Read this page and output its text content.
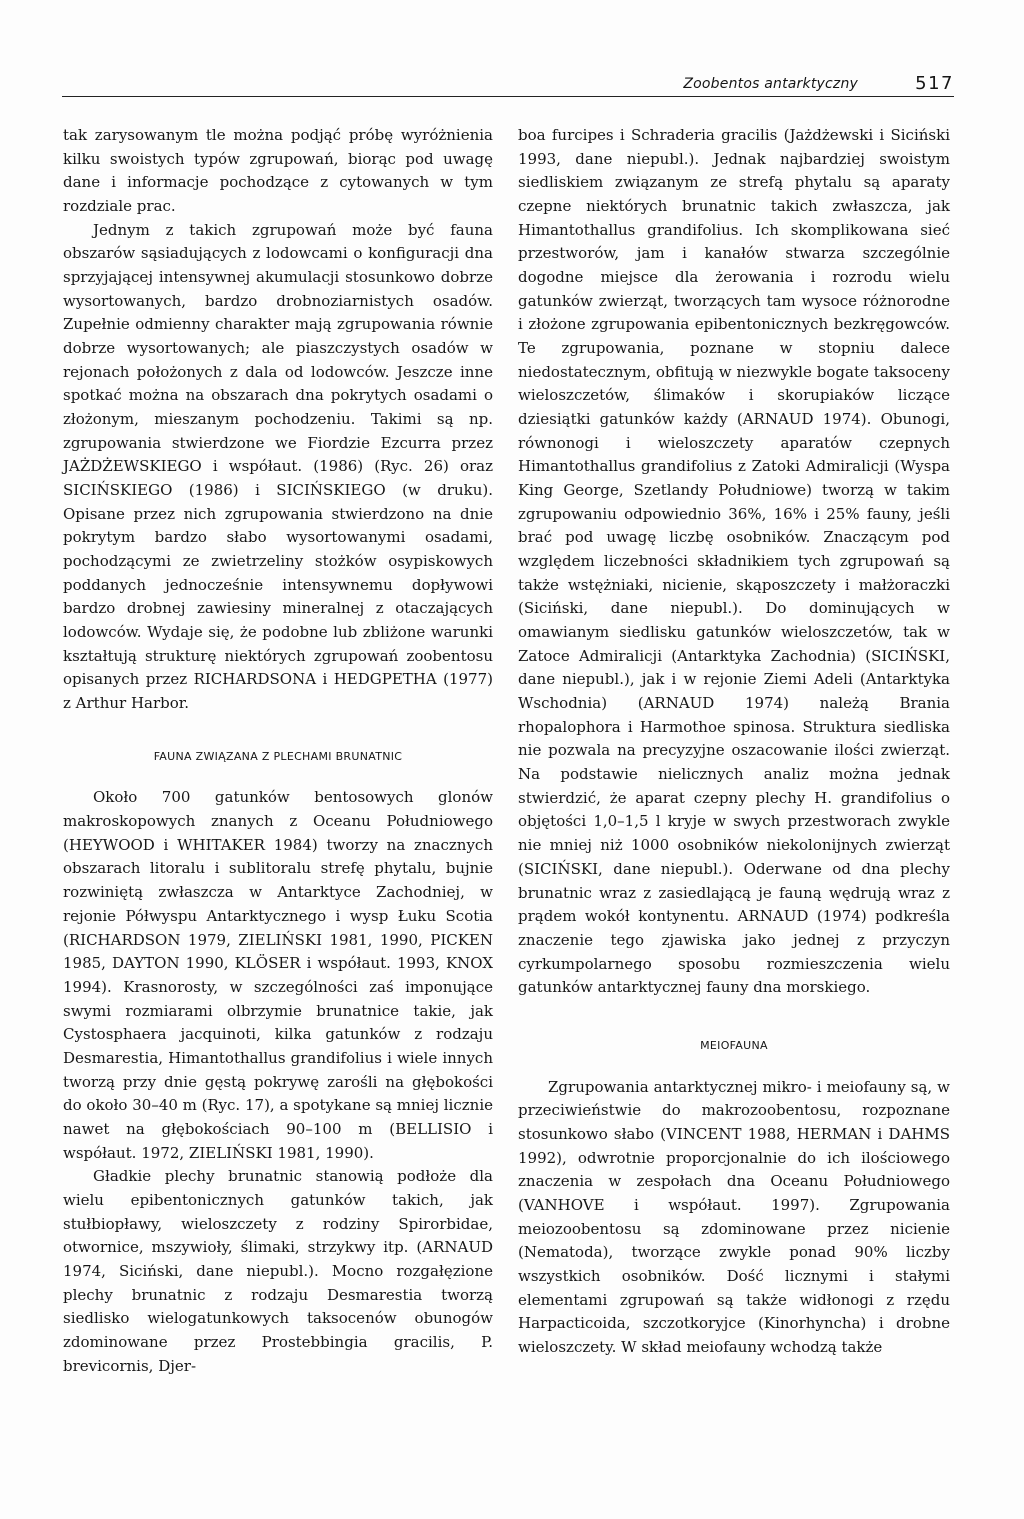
Zoobentos antarktyczny	517

tak zarysowanym tle można podjąć próbę wyróżnienia kilku swoistych typów zgrupowań, biorąc pod uwagę dane i informacje pochodzące z cytowanych w tym rozdziale prac.

Jednym z takich zgrupowań może być fauna obszarów sąsiadujących z lodowcami o konfiguracji dna sprzyjającej intensywnej akumulacji stosunkowo dobrze wysortowanych, bardzo drobnoziarnistych osadów. Zupełnie odmienny charakter mają zgrupowania równie dobrze wysortowanych; ale piaszczystych osadów w rejonach położonych z dala od lodowców. Jeszcze inne spotkać można na obszarach dna pokrytych osadami o złożonym, mieszanym pochodzeniu. Takimi są np. zgrupowania stwierdzone we Fiordzie Ezcurra przez JAŻDŻEWSKIEGO i współaut. (1986) (Ryc. 26) oraz SICIŃSKIEGO (1986) i SICIŃSKIEGO (w druku). Opisane przez nich zgrupowania stwierdzono na dnie pokrytym bardzo słabo wysortowanymi osadami, pochodzącymi ze zwietrzeliny stożków osypiskowych poddanych jednocześnie intensywnemu dopływowi bardzo drobnej zawiesiny mineralnej z otaczających lodowców. Wydaje się, że podobne lub zbliżone warunki kształtują strukturę niektórych zgrupowań zoobentosu opisanych przez RICHARDSONA i HEDGPETHA (1977) z Arthur Harbor.

FAUNA ZWIĄZANA Z PLECHAMI BRUNATNIC

Około 700 gatunków bentosowych glonów makroskopowych znanych z Oceanu Południowego (HEYWOOD i WHITAKER 1984) tworzy na znacznych obszarach litoralu i sublitoralu strefę phytalu, bujnie rozwiniętą zwłaszcza w Antarktyce Zachodniej, w rejonie Półwyspu Antarktycznego i wysp Łuku Scotia (RICHARDSON 1979, ZIELIŃSKI 1981, 1990, PICKEN 1985, DAYTON 1990, KLÖSER i współaut. 1993, KNOX 1994). Krasnorosty, w szczególności zaś imponujące swymi rozmiarami olbrzymie brunatnice takie, jak Cystosphaera jacquinoti, kilka gatunków z rodzaju Desmarestia, Himantothallus grandifolius i wiele innych tworzą przy dnie gęstą pokrywę zarośli na głębokości do około 30–40 m (Ryc. 17), a spotykane są mniej licznie nawet na głębokościach 90–100 m (BELLISIO i współaut. 1972, ZIELIŃSKI 1981, 1990).

Gładkie plechy brunatnic stanowią podłoże dla wielu epibentonicznych gatunków takich, jak stułbiopławy, wieloszczety z rodziny Spirorbidae, otwornice, mszywioły, ślimaki, strzykwy itp. (ARNAUD 1974, Siciński, dane niepubl.). Mocno rozgałęzione plechy brunatnic z rodzaju Desmarestia tworzą siedlisko wielogatunkowych taksocenów obunogów zdominowane przez Prostebbingia gracilis, P. brevicornis, Djer-

boa furcipes i Schraderia gracilis (Jażdżewski i Siciński 1993, dane niepubl.). Jednak najbardziej swoistym siedliskiem związanym ze strefą phytalu są aparaty czepne niektórych brunatnic takich zwłaszcza, jak Himantothallus grandifolius. Ich skomplikowana sieć przestworów, jam i kanałów stwarza szczególnie dogodne miejsce dla żerowania i rozrodu wielu gatunków zwierząt, tworzących tam wysoce różnorodne i złożone zgrupowania epibentonicznych bezkręgowców. Te zgrupowania, poznane w stopniu dalece niedostatecznym, obfitują w niezwykle bogate taksoceny wieloszczetów, ślimaków i skorupiaków liczące dziesiątki gatunków każdy (ARNAUD 1974). Obunogi, równonogi i wieloszczety aparatów czepnych Himantothallus grandifolius z Zatoki Admiralicji (Wyspa King George, Szetlandy Południowe) tworzą w takim zgrupowaniu odpowiednio 36%, 16% i 25% fauny, jeśli brać pod uwagę liczbę osobników. Znaczącym pod względem liczebności składnikiem tych zgrupowań są także wstężniaki, nicienie, skąposzczety i małżoraczki (Siciński, dane niepubl.). Do dominujących w omawianym siedlisku gatunków wieloszczetów, tak w Zatoce Admiralicji (Antarktyka Zachodnia) (SICIŃSKI, dane niepubl.), jak i w rejonie Ziemi Adeli (Antarktyka Wschodnia) (ARNAUD 1974) należą Brania rhopalophora i Harmothoe spinosa. Struktura siedliska nie pozwala na precyzyjne oszacowanie ilości zwierząt. Na podstawie nielicznych analiz można jednak stwierdzić, że aparat czepny plechy H. grandifolius o objętości 1,0–1,5 l kryje w swych przestworach zwykle nie mniej niż 1000 osobników niekolonijnych zwierząt (SICIŃSKI, dane niepubl.). Oderwane od dna plechy brunatnic wraz z zasiedlającą je fauną wędrują wraz z prądem wokół kontynentu. ARNAUD (1974) podkreśla znaczenie tego zjawiska jako jednej z przyczyn cyrkumpolarnego sposobu rozmieszczenia wielu gatunków antarktycznej fauny dna morskiego.

MEIOFAUNA

Zgrupowania antarktycznej mikro- i meiofauny są, w przeciwieństwie do makrozoobentosu, rozpoznane stosunkowo słabo (VINCENT 1988, HERMAN i DAHMS 1992), odwrotnie proporcjonalnie do ich ilościowego znaczenia w zespołach dna Oceanu Południowego (VANHOVE i współaut. 1997). Zgrupowania meiozoobentosu są zdominowane przez nicienie (Nematoda), tworzące zwykle ponad 90% liczby wszystkich osobników. Dość licznymi i stałymi elementami zgrupowań są także widłonogi z rzędu Harpacticoida, szczotkoryjce (Kinorhyncha) i drobne wieloszczety. W skład meiofauny wchodzą także
